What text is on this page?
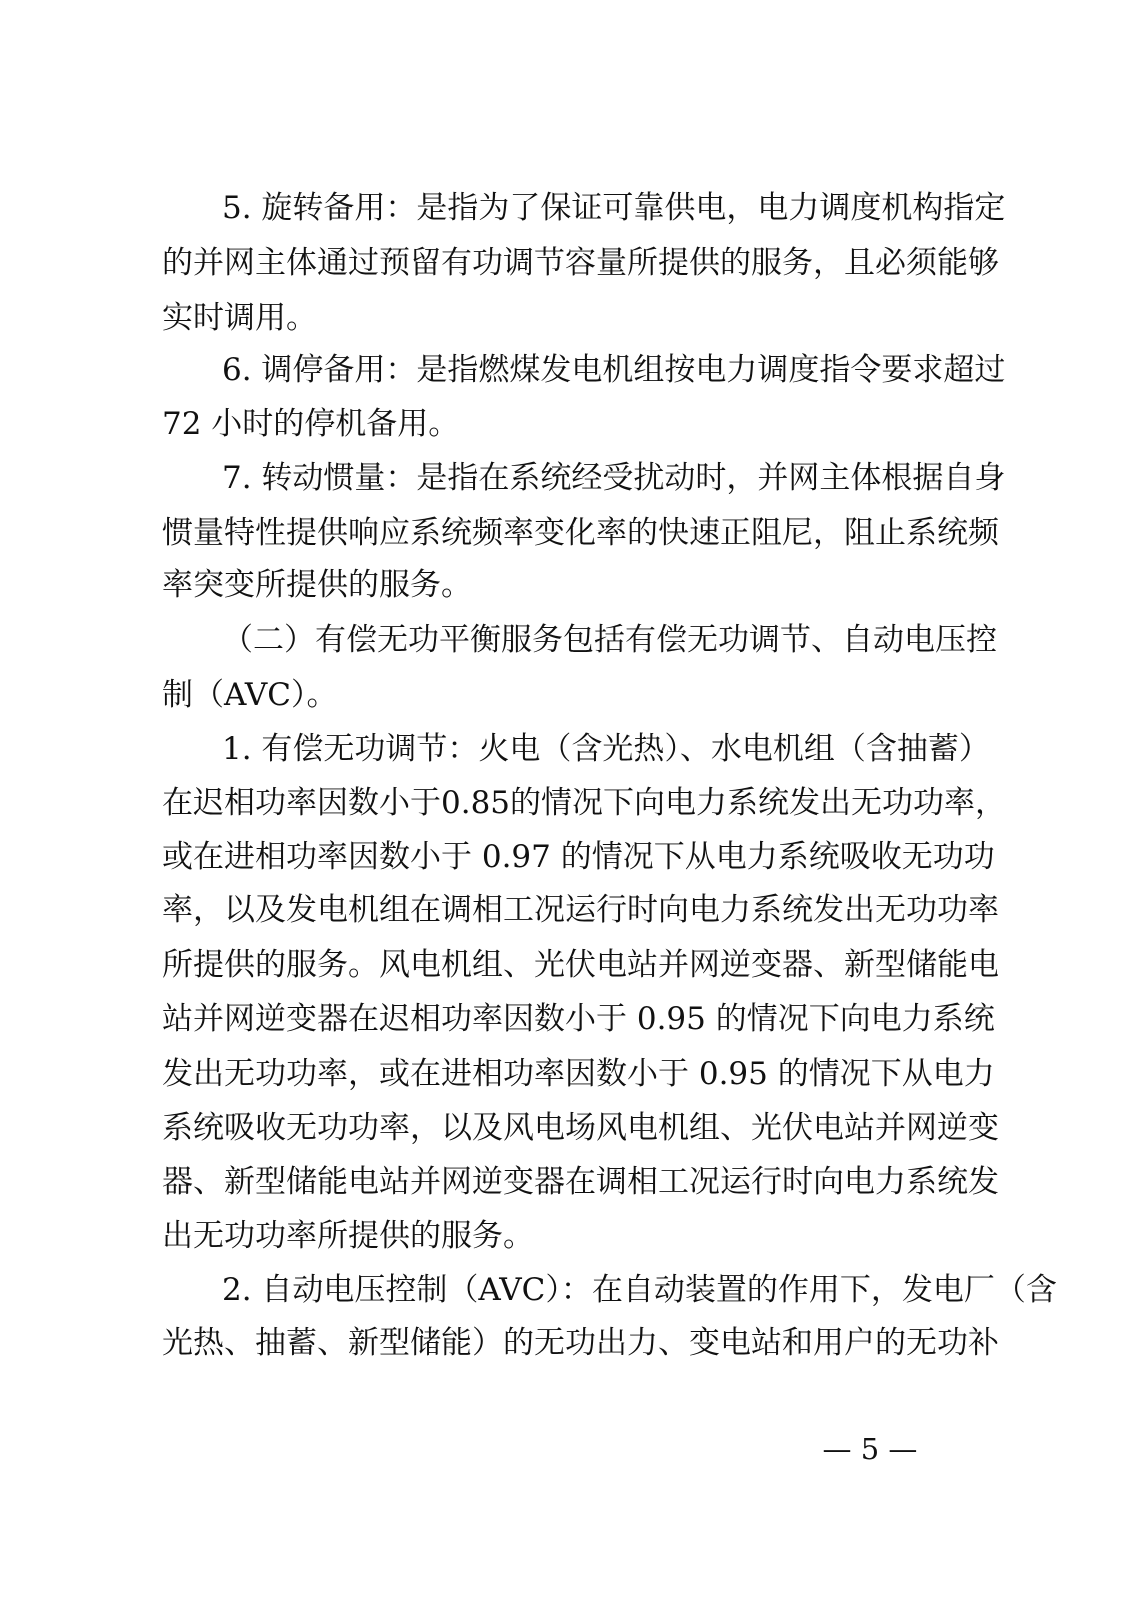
5. 旋转备用：是指为了保证可靠供电，电力调度机构指定
的并网主体通过预留有功调节容量所提供的服务，且必须能够
实时调用。
6. 调停备用：是指燃煤发电机组按电力调度指令要求超过
72 小时的停机备用。
7. 转动惯量：是指在系统经受扰动时，并网主体根据自身
惯量特性提供响应系统频率变化率的快速正阻尼，阻止系统频
率突变所提供的服务。
（二）有偿无功平衡服务包括有偿无功调节、自动电压控
制（AVC）。
1. 有偿无功调节：火电（含光热）、水电机组（含抽蓄）
在迟相功率因数小于0.85的情况下向电力系统发出无功功率，
或在进相功率因数小于 0.97 的情况下从电力系统吸收无功功
率，以及发电机组在调相工况运行时向电力系统发出无功功率
所提供的服务。风电机组、光伏电站并网逆变器、新型储能电
站并网逆变器在迟相功率因数小于 0.95 的情况下向电力系统
发出无功功率，或在进相功率因数小于 0.95 的情况下从电力
系统吸收无功功率，以及风电场风电机组、光伏电站并网逆变
器、新型储能电站并网逆变器在调相工况运行时向电力系统发
出无功功率所提供的服务。
2. 自动电压控制（AVC）：在自动装置的作用下，发电厂（含
光热、抽蓄、新型储能）的无功出力、变电站和用户的无功补
— 5 —
